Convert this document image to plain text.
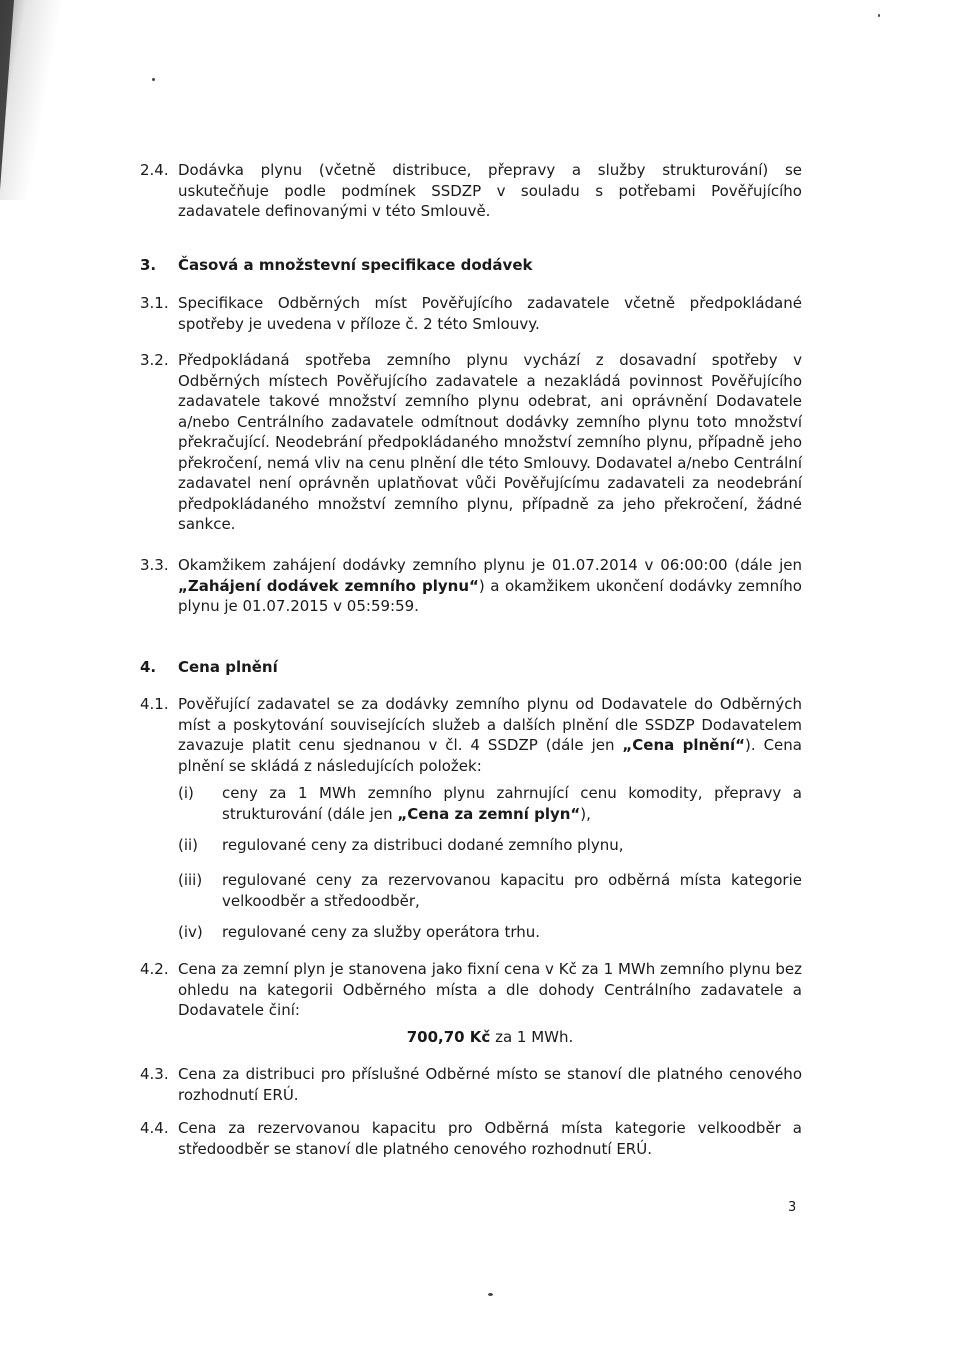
2.4. Dodávka plynu (včetně distribuce, přepravy a služby strukturování) se uskutečňuje podle podmínek SSDZP v souladu s potřebami Pověřujícího zadavatele definovanými v této Smlouvě.
3. Časová a množstevní specifikace dodávek
3.1. Specifikace Odběrných míst Pověřujícího zadavatele včetně předpokládané spotřeby je uvedena v příloze č. 2 této Smlouvy.
3.2. Předpokládaná spotřeba zemního plynu vychází z dosavadní spotřeby v Odběrných místech Pověřujícího zadavatele a nezakládá povinnost Pověřujícího zadavatele takové množství zemního plynu odebrat, ani oprávnění Dodavatele a/nebo Centrálního zadavatele odmítnout dodávky zemního plynu toto množství překračující. Neodebrání předpokládaného množství zemního plynu, případně jeho překročení, nemá vliv na cenu plnění dle této Smlouvy. Dodavatel a/nebo Centrální zadavatel není oprávněn uplatňovat vůči Pověřujícímu zadavateli za neodebrání předpokládaného množství zemního plynu, případně za jeho překročení, žádné sankce.
3.3. Okamžikem zahájení dodávky zemního plynu je 01.07.2014 v 06:00:00 (dále jen „Zahájení dodávek zemního plynu“) a okamžikem ukončení dodávky zemního plynu je 01.07.2015 v 05:59:59.
4. Cena plnění
4.1. Pověřující zadavatel se za dodávky zemního plynu od Dodavatele do Odběrných míst a poskytování souvisejících služeb a dalších plnění dle SSDZP Dodavatelem zavazuje platit cenu sjednanou v čl. 4 SSDZP (dále jen „Cena plnění“). Cena plnění se skládá z následujících položek:
(i)	ceny za 1 MWh zemního plynu zahrnující cenu komodity, přepravy a strukturování (dále jen „Cena za zemní plyn“),
(ii)	regulované ceny za distribuci dodané zemního plynu,
(iii)	regulované ceny za rezervovanou kapacitu pro odběrná místa kategorie velkoodběr a středoodběr,
(iv)	regulované ceny za služby operátora trhu.
4.2. Cena za zemní plyn je stanovena jako fixní cena v Kč za 1 MWh zemního plynu bez ohledu na kategorii Odběrného místa a dle dohody Centrálního zadavatele a Dodavatele činí:
700,70 Kč za 1 MWh.
4.3. Cena za distribuci pro příslušné Odběrné místo se stanoví dle platného cenového rozhodnutí ERÚ.
4.4. Cena za rezervovanou kapacitu pro Odběrná místa kategorie velkoodběr a středoodběr se stanoví dle platného cenového rozhodnutí ERÚ.
3
